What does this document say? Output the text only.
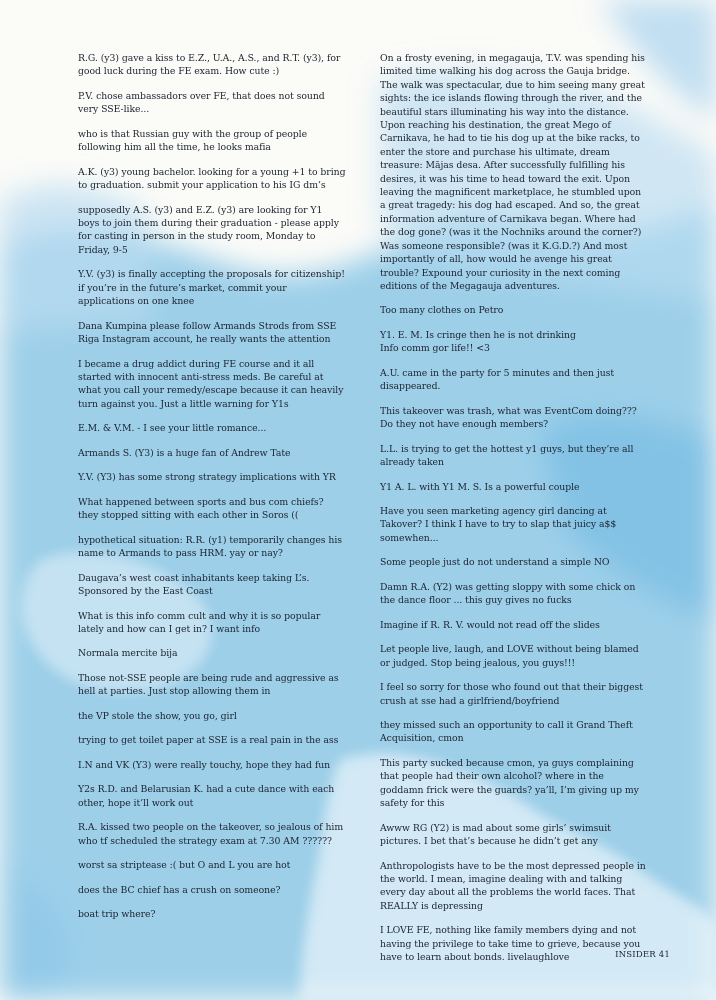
R.G. (y3) gave a kiss to E.Z., U.A., A.S., and R.T. (y3), for good luck during the FE exam. How cute :)

P.V. chose ambassadors over FE, that does not sound very SSE-like...

who is that Russian guy with the group of people following him all the time, he looks mafia

A.K. (y3) young bachelor. looking for a young +1 to bring to graduation. submit your application to his IG dm’s

supposedly A.S. (y3) and E.Z. (y3) are looking for Y1 boys to join them during their graduation - please apply for casting in person in the study room, Monday to Friday, 9-5

Y.V. (y3) is finally accepting the proposals for citizenship! if you’re in the future’s market, commit your applications on one knee

Dana Kumpina please follow Armands Strods from SSE Riga Instagram account, he really wants the attention

I became a drug addict during FE course and it all started with innocent anti-stress meds. Be careful at what you call your remedy/escape because it can heavily turn against you. Just a little warning for Y1s

E.M. & V.M. - I see your little romance...

Armands S. (Y3) is a huge fan of Andrew Tate

Y.V. (Y3) has some strong strategy implications with YR

What happened between sports and bus com chiefs? they stopped sitting with each other in Soros ((

hypothetical situation: R.R. (y1) temporarily changes his name to Armands to pass HRM. yay or nay?

Daugava’s west coast inhabitants keep taking L’s. Sponsored by the East Coast

What is this info comm cult and why it is so popular lately and how can I get in? I want info

Normala mercite bija

Those not-SSE people are being rude and aggressive as hell at parties. Just stop allowing them in

the VP stole the show, you go, girl

trying to get toilet paper at SSE is a real pain in the ass

I.N and VK (Y3) were really touchy, hope they had fun

Y2s R.D. and Belarusian K. had a cute dance with each other, hope it’ll work out

R.A. kissed two people on the takeover, so jealous of him who tf scheduled the strategy exam at 7.30 AM ??????

worst sa striptease :( but O and L you are hot

does the BC chief has a crush on someone?

boat trip where?

On a frosty evening, in megagauja, T.V. was spending his limited time walking his dog across the Gauja bridge. The walk was spectacular, due to him seeing many great sights: the ice islands flowing through the river, and the beautiful stars illuminating his way into the distance. Upon reaching his destination, the great Mego of Carnikava, he had to tie his dog up at the bike racks, to enter the store and purchase his ultimate, dream treasure: Mājas desa. After successfully fulfilling his desires, it was his time to head toward the exit. Upon leaving the magnificent marketplace, he stumbled upon a great tragedy: his dog had escaped. And so, the great information adventure of Carnikava began. Where had the dog gone? (was it the Nochniks around the corner?) Was someone responsible? (was it K.G.D.?) And most importantly of all, how would he avenge his great trouble? Expound your curiosity in the next coming editions of the Megagauja adventures.

Too many clothes on Petro

Y1. E. M. Is cringe then he is not drinking
Info comm gor life!! <3

A.U. came in the party for 5 minutes and then just disappeared.

This takeover was trash, what was EventCom doing??? Do they not have enough members?

L.L. is trying to get the hottest y1 guys, but they’re all already taken

Y1 A. L. with Y1 M. S. Is a powerful couple

Have you seen marketing agency girl dancing at Takover? I think I have to try to slap that juicy a$$ somewhen...

Some people just do not understand a simple NO

Damn R.A. (Y2) was getting sloppy with some chick on the dance floor ... this guy gives no fucks

Imagine if R. R. V. would not read off the slides

Let people live, laugh, and LOVE without being blamed or judged. Stop being jealous, you guys!!!

I feel so sorry for those who found out that their biggest crush at sse had a girlfriend/boyfriend

they missed such an opportunity to call it Grand Theft Acquisition, cmon

This party sucked because cmon, ya guys complaining that people had their own alcohol? where in the goddamn frick were the guards? ya’ll, I’m giving up my safety for this

Awww RG (Y2) is mad about some girls’ swimsuit pictures. I bet that’s because he didn’t get any

Anthropologists have to be the most depressed people in the world. I mean, imagine dealing with and talking every day about all the problems the world faces. That REALLY is depressing

I LOVE FE, nothing like family members dying and not having the privilege to take time to grieve, because you have to learn about bonds. livelaughlove	INSIDER 41
